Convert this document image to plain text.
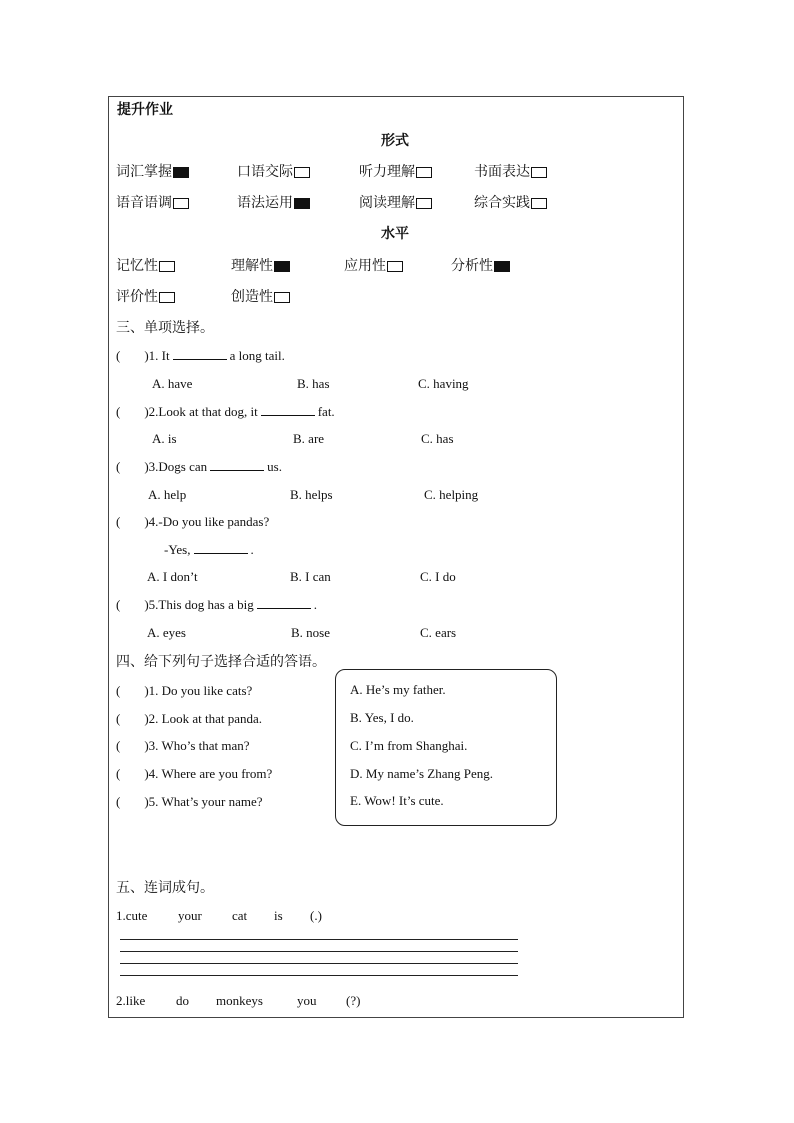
提升作业
形式
词汇掌握	口语交际	听力理解	书面表达
语音语调	语法运用	阅读理解	综合实践
水平
记忆性	理解性	应用性	分析性
评价性	创造性
三、单项选择。
( )1. It	a long tail.
A. have	B. has	C. having
( )2.Look at that dog, it	fat.
A. is	B. are	C. has
( )3.Dogs can	us.
A. help	B. helps	C. helping
( )4.-Do you like pandas?
-Yes,	.
A. I don’t	B. I can	C. I do
( )5.This dog has a big	.
A. eyes	B. nose	C. ears
四、给下列句子选择合适的答语。
( )1. Do you like cats?
( )2. Look at that panda.
( )3. Who’s that man?
( )4. Where are you from?
( )5. What’s your name?
A. He’s my father.
B. Yes, I do.
C. I’m from Shanghai.
D. My name’s Zhang Peng.
E. Wow! It’s cute.
五、连词成句。
1.cute your cat is (.)
2.like do monkeys	you (?)
